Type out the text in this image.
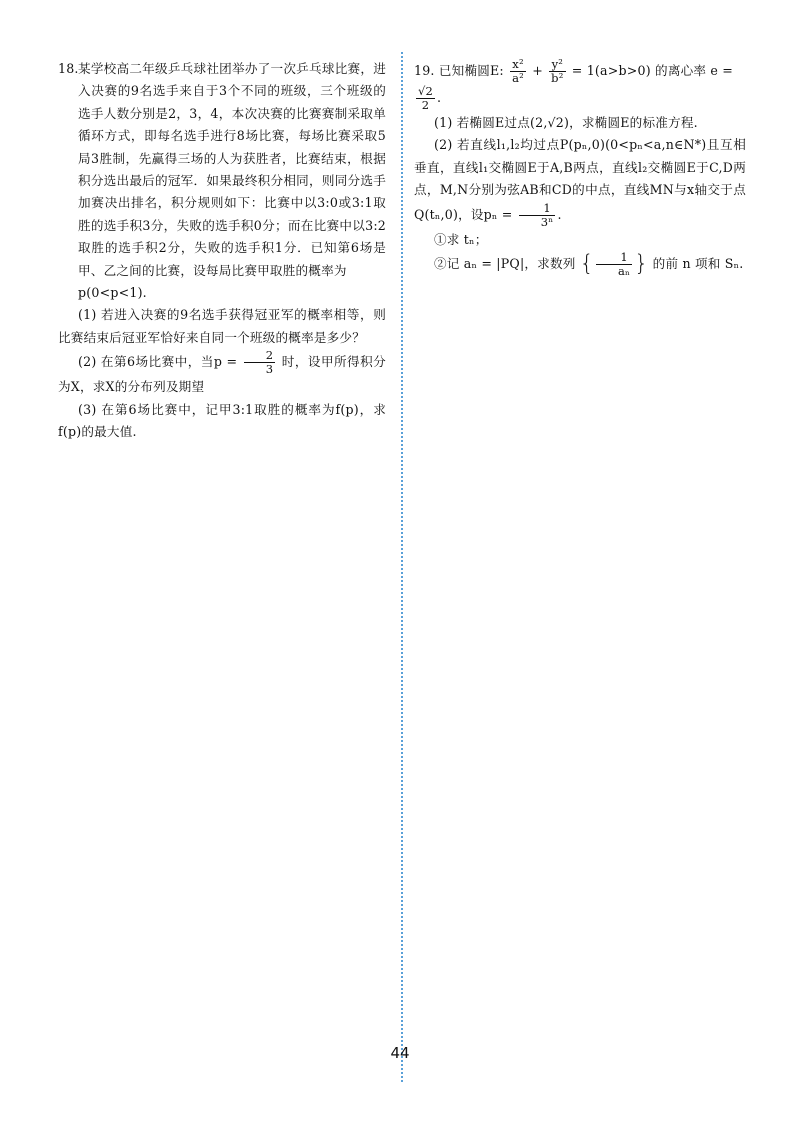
18. 某学校高二年级乒乓球社团举办了一次乒乓球比赛，进入决赛的9名选手来自于3个不同的班级，三个班级的选手人数分别是2，3，4，本次决赛的比赛赛制采取单循环方式，即每名选手进行8场比赛，每场比赛采取5局3胜制，先赢得三场的人为获胜者，比赛结束，根据积分选出最后的冠军．如果最终积分相同，则同分选手加赛决出排名，积分规则如下：比赛中以3:0或3:1取胜的选手积3分，失败的选手积0分；而在比赛中以3:2取胜的选手积2分，失败的选手积1分．已知第6场是甲、乙之间的比赛，设每局比赛甲取胜的概率为
p(0<p<1).

(1) 若进入决赛的9名选手获得冠亚军的概率相等，则比赛结束后冠亚军恰好来自同一个班级的概率是多少？

(2) 在第6场比赛中，当$p = \frac{2}{3}$ 时，设甲所得积分为X，求X的分布列及期望

(3) 在第6场比赛中，记甲3:1取胜的概率为f(p)，求f(p)的最大值.

19. 已知椭圆E: $\frac{\text{x²}}{\text{a²}} + \frac{\text{y²}}{\text{b²}} = 1(a>b>0)$ 的离心率 e =

$\frac{√2}{2}$ .

(1) 若椭圆E过点(2,√2)，求椭圆E的标准方程.

(2) 若直线l₁,l₂均过点P(pₙ,0)(0<pₙ<a,n∈N*)且互相垂直，直线l₁交椭圆E于A,B两点，直线l₂交椭圆E于C,D两点，M,N分别为弦AB和CD的中点，直线MN与x轴交于点Q(tₙ,0)，设$p_n = \frac{1}{\text{3ⁿ}}$ .

①求 tₙ；

②记 aₙ = |PQ|，求数列 { $\frac{1}{\text{aₙ}}$ } 的前 n 项和 Sₙ.

44
